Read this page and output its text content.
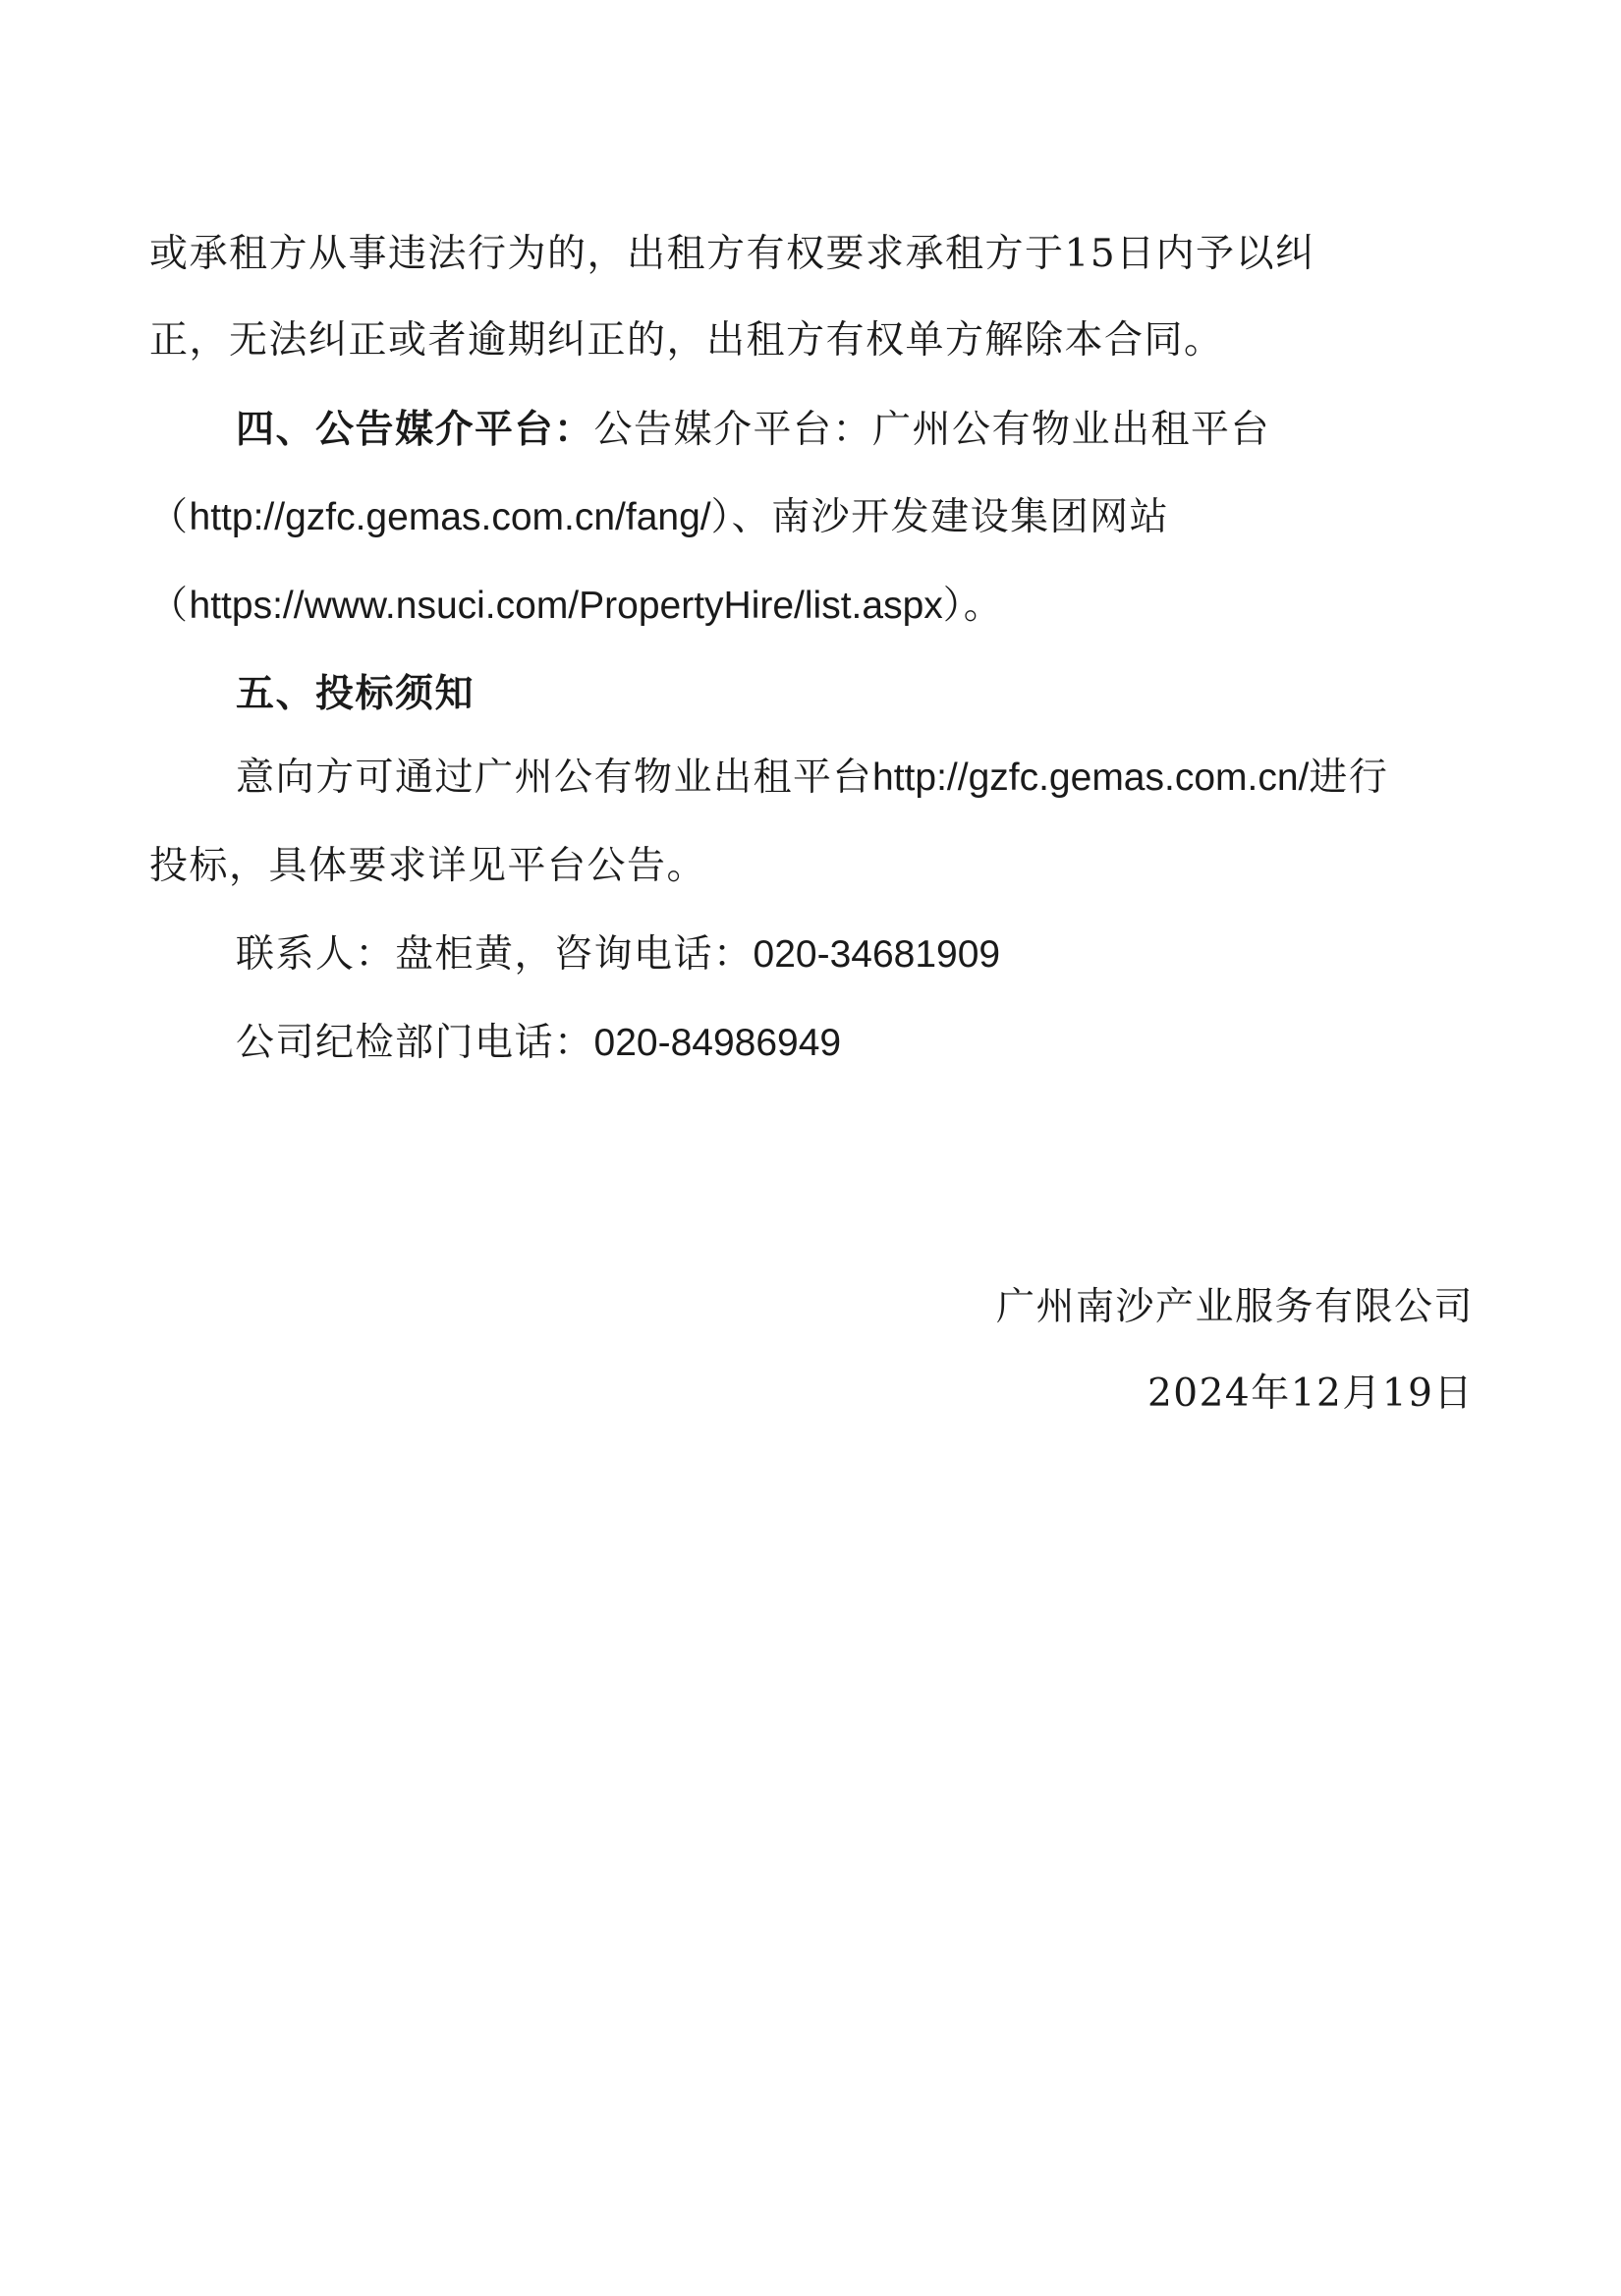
或承租方从事违法行为的，出租方有权要求承租方于15日内予以纠
正，无法纠正或者逾期纠正的，出租方有权单方解除本合同。
四、公告媒介平台：公告媒介平台：广州公有物业出租平台
（http://gzfc.gemas.com.cn/fang/）、南沙开发建设集团网站
（https://www.nsuci.com/PropertyHire/list.aspx）。
五、投标须知
意向方可通过广州公有物业出租平台http://gzfc.gemas.com.cn/进行
投标，具体要求详见平台公告。
联系人：盘柜黄，咨询电话：020-34681909
公司纪检部门电话：020-84986949
广州南沙产业服务有限公司
2024年12月19日
